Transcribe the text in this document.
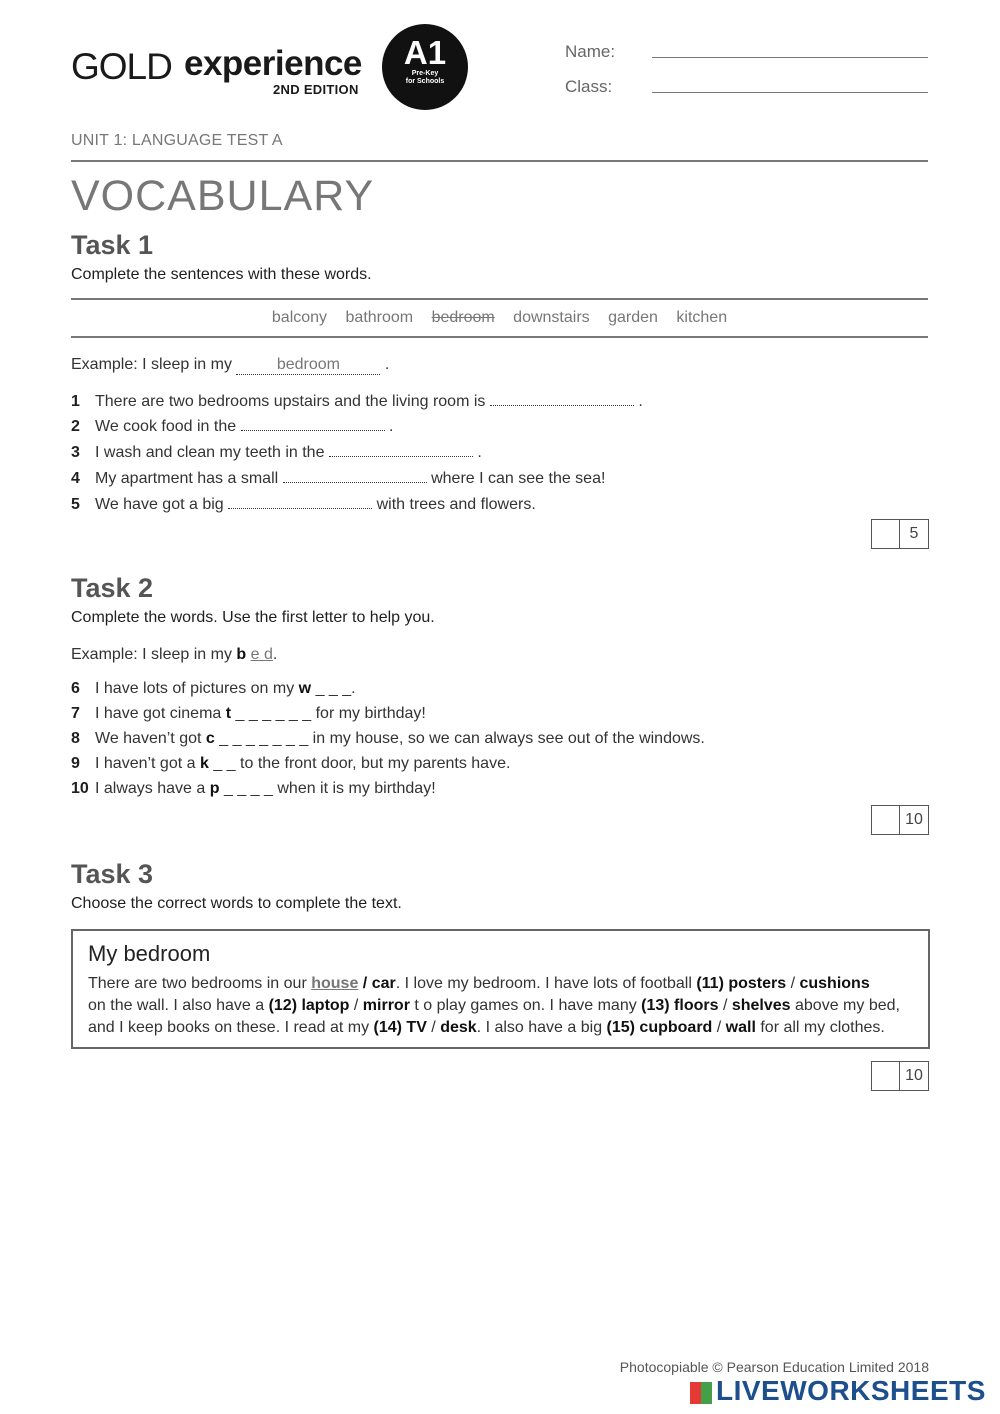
GOLD experience
2ND EDITION
A1
Pre-Key
for Schools
Name:
Class:
UNIT 1: LANGUAGE TEST A
VOCABULARY
Task 1
Complete the sentences with these words.
balcony bathroom bedroom downstairs garden kitchen
Example: I sleep in my	bedroom	.
1 There are two bedrooms upstairs and the living room is	.
2 We cook food in the	.
3 I wash and clean my teeth in the	.
4 My apartment has a small	where I can see the sea!
5 We have got a big	with trees and flowers.
5
Task 2
Complete the words. Use the first letter to help you.
Example: I sleep in my b e d.
6 I have lots of pictures on my w _ _ _.
7 I have got cinema t _ _ _ _ _ _ for my birthday!
8 We haven’t got c _ _ _ _ _ _ _ in my house, so we can always see out of the windows.
9 I haven’t got a k _ _ to the front door, but my parents have.
10 I always have a p _ _ _ _ when it is my birthday!
10
Task 3
Choose the correct words to complete the text.
My bedroom
There are two bedrooms in our house / car. I love my bedroom. I have lots of football (11) posters / cushions
on the wall. I also have a (12) laptop / mirror t o play games on. I have many (13) floors / shelves above my bed, and I keep books on these. I read at my (14) TV / desk. I also have a big (15) cupboard / wall for all my clothes.
10
Photocopiable © Pearson Education Limited 2018
LIVEWORKSHEETS
